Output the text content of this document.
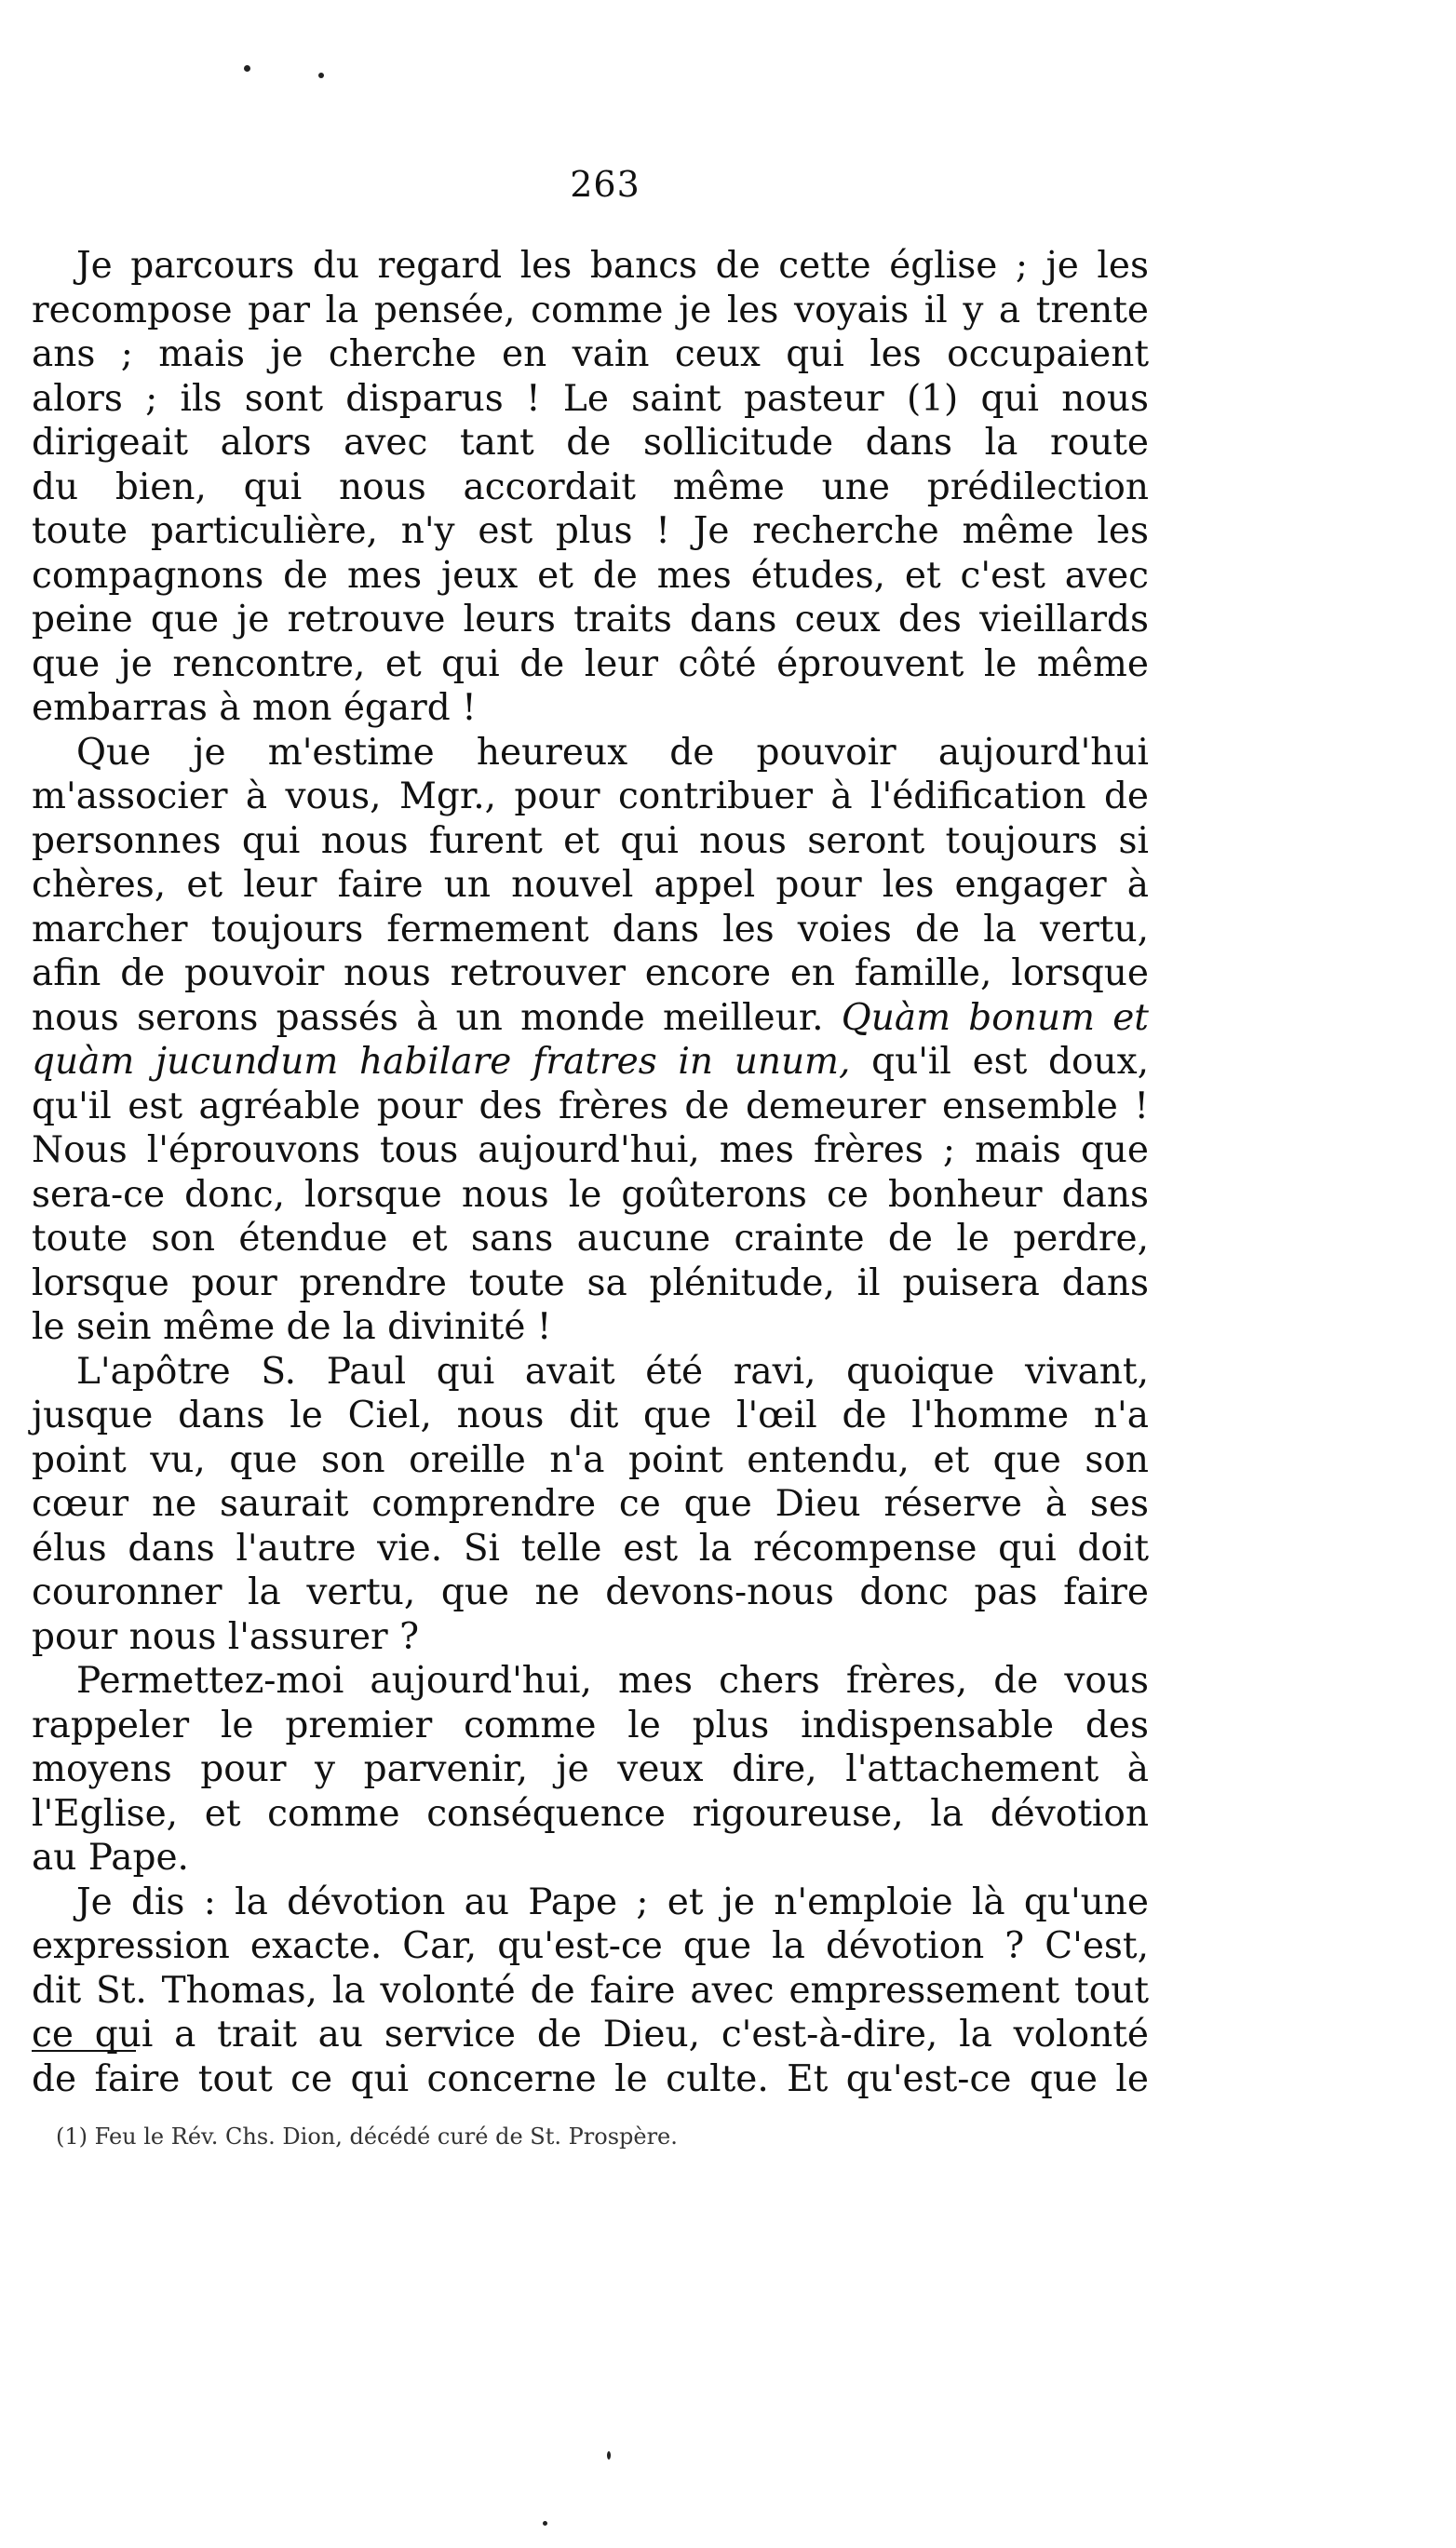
263
Je parcours du regard les bancs de cette église ; je les
recompose par la pensée, comme je les voyais il y a trente
ans ; mais je cherche en vain ceux qui les occupaient
alors ; ils sont disparus ! Le saint pasteur (1) qui nous
dirigeait alors avec tant de sollicitude dans la route
du bien, qui nous accordait même une prédilection
toute particulière, n'y est plus ! Je recherche même les
compagnons de mes jeux et de mes études, et c'est avec
peine que je retrouve leurs traits dans ceux des vieillards
que je rencontre, et qui de leur côté éprouvent le même
embarras à mon égard !
Que je m'estime heureux de pouvoir aujourd'hui
m'associer à vous, Mgr., pour contribuer à l'édification de
personnes qui nous furent et qui nous seront toujours si
chères, et leur faire un nouvel appel pour les engager à
marcher toujours fermement dans les voies de la vertu,
afin de pouvoir nous retrouver encore en famille, lorsque
nous serons passés à un monde meilleur. Quàm bonum et
quàm jucundum habilare fratres in unum, qu'il est doux,
qu'il est agréable pour des frères de demeurer ensemble !
Nous l'éprouvons tous aujourd'hui, mes frères ; mais que
sera-ce donc, lorsque nous le goûterons ce bonheur dans
toute son étendue et sans aucune crainte de le perdre,
lorsque pour prendre toute sa plénitude, il puisera dans
le sein même de la divinité !
L'apôtre S. Paul qui avait été ravi, quoique vivant,
jusque dans le Ciel, nous dit que l'œil de l'homme n'a
point vu, que son oreille n'a point entendu, et que son
cœur ne saurait comprendre ce que Dieu réserve à ses
élus dans l'autre vie. Si telle est la récompense qui doit
couronner la vertu, que ne devons-nous donc pas faire
pour nous l'assurer ?
Permettez-moi aujourd'hui, mes chers frères, de vous
rappeler le premier comme le plus indispensable des
moyens pour y parvenir, je veux dire, l'attachement à
l'Eglise, et comme conséquence rigoureuse, la dévotion
au Pape.
Je dis : la dévotion au Pape ; et je n'emploie là qu'une
expression exacte. Car, qu'est-ce que la dévotion ? C'est,
dit St. Thomas, la volonté de faire avec empressement tout
ce qui a trait au service de Dieu, c'est-à-dire, la volonté
de faire tout ce qui concerne le culte. Et qu'est-ce que le
(1) Feu le Rév. Chs. Dion, décédé curé de St. Prospère.
